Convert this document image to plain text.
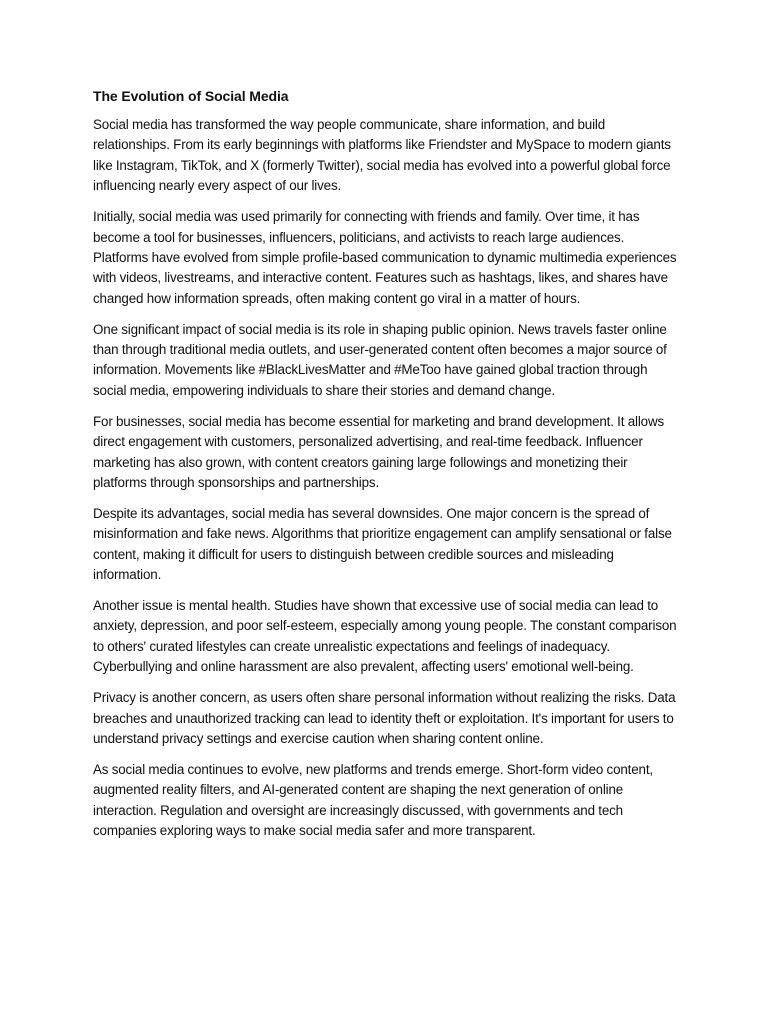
The Evolution of Social Media

Social media has transformed the way people communicate, share information, and build relationships. From its early beginnings with platforms like Friendster and MySpace to modern giants like Instagram, TikTok, and X (formerly Twitter), social media has evolved into a powerful global force influencing nearly every aspect of our lives.

Initially, social media was used primarily for connecting with friends and family. Over time, it has become a tool for businesses, influencers, politicians, and activists to reach large audiences. Platforms have evolved from simple profile-based communication to dynamic multimedia experiences with videos, livestreams, and interactive content. Features such as hashtags, likes, and shares have changed how information spreads, often making content go viral in a matter of hours.

One significant impact of social media is its role in shaping public opinion. News travels faster online than through traditional media outlets, and user-generated content often becomes a major source of information. Movements like #BlackLivesMatter and #MeToo have gained global traction through social media, empowering individuals to share their stories and demand change.

For businesses, social media has become essential for marketing and brand development. It allows direct engagement with customers, personalized advertising, and real-time feedback. Influencer marketing has also grown, with content creators gaining large followings and monetizing their platforms through sponsorships and partnerships.

Despite its advantages, social media has several downsides. One major concern is the spread of misinformation and fake news. Algorithms that prioritize engagement can amplify sensational or false content, making it difficult for users to distinguish between credible sources and misleading information.

Another issue is mental health. Studies have shown that excessive use of social media can lead to anxiety, depression, and poor self-esteem, especially among young people. The constant comparison to others' curated lifestyles can create unrealistic expectations and feelings of inadequacy. Cyberbullying and online harassment are also prevalent, affecting users' emotional well-being.

Privacy is another concern, as users often share personal information without realizing the risks. Data breaches and unauthorized tracking can lead to identity theft or exploitation. It's important for users to understand privacy settings and exercise caution when sharing content online.

As social media continues to evolve, new platforms and trends emerge. Short-form video content, augmented reality filters, and AI-generated content are shaping the next generation of online interaction. Regulation and oversight are increasingly discussed, with governments and tech companies exploring ways to make social media safer and more transparent.
